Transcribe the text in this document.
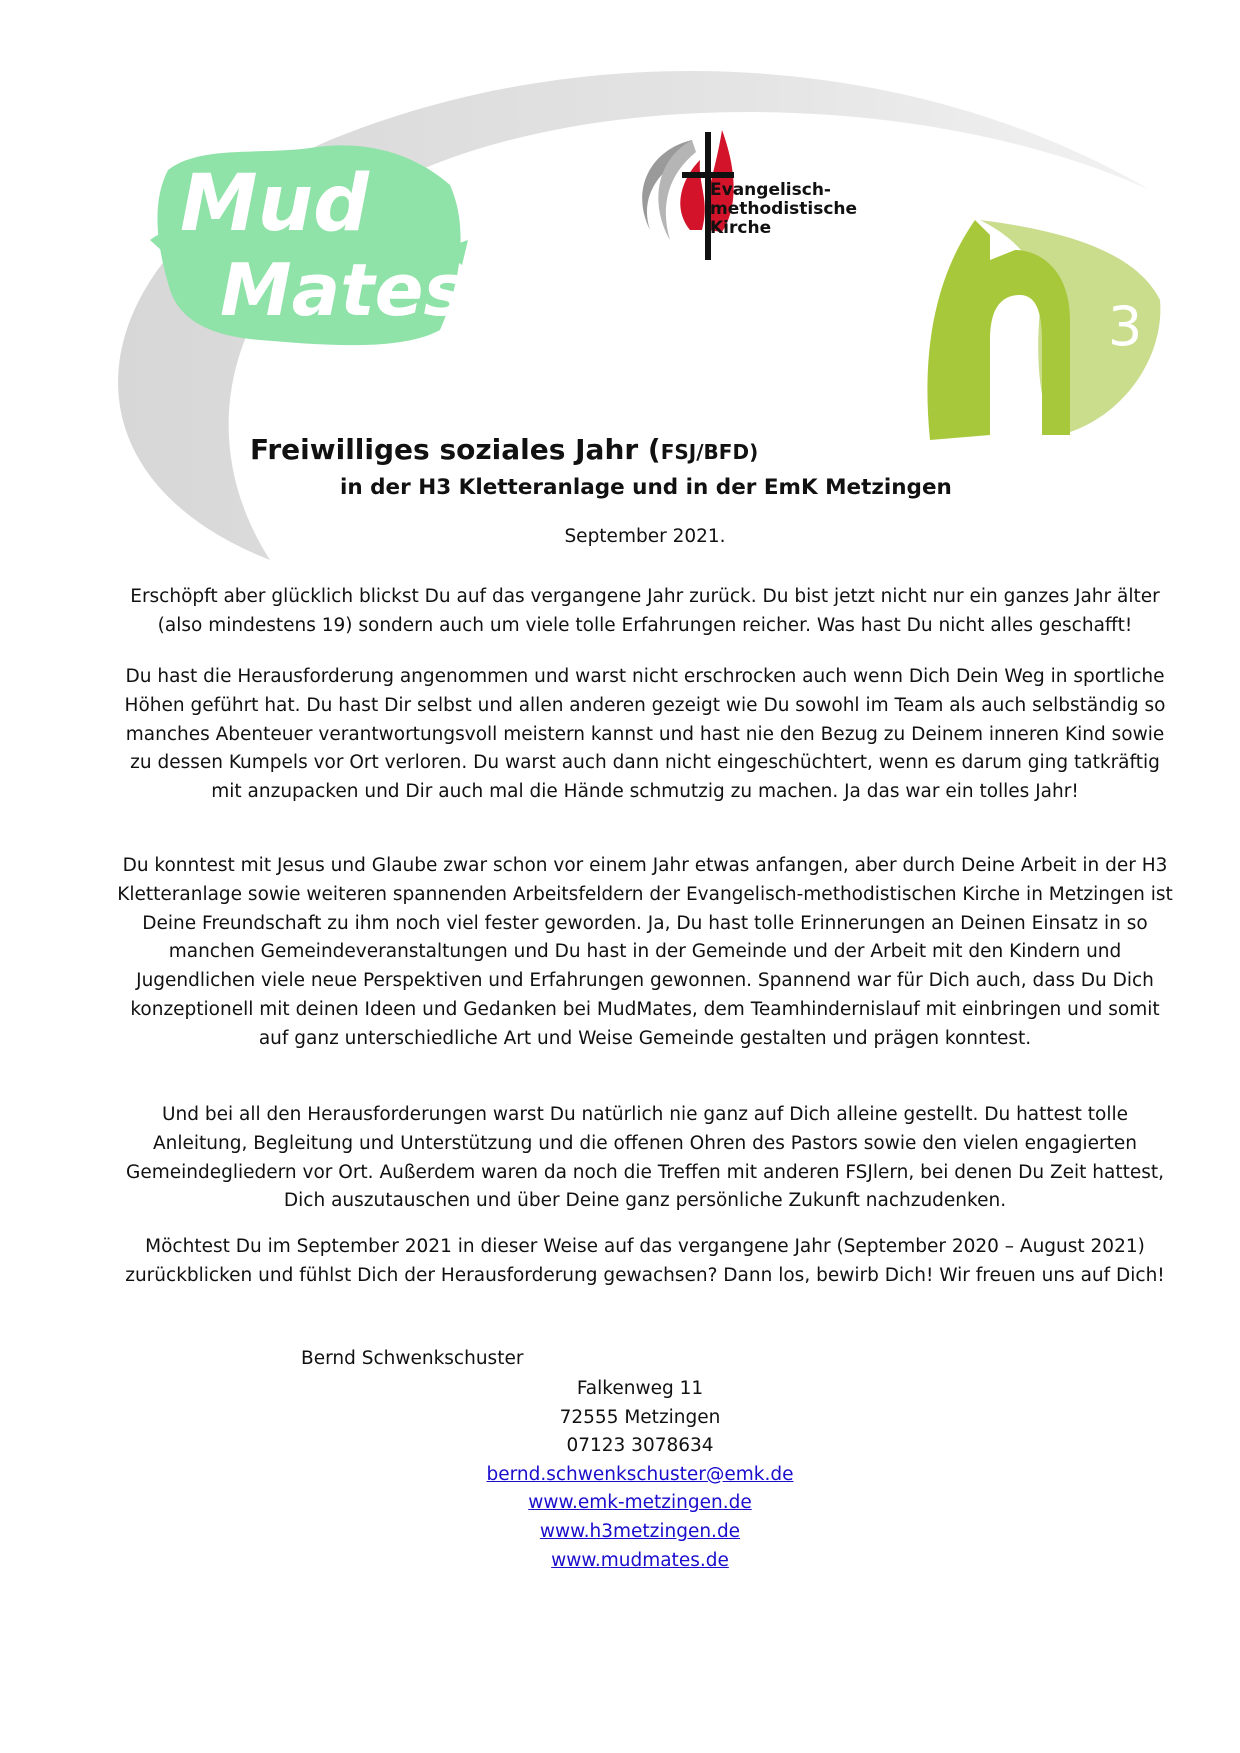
Mud
Mates
Evangelisch-
methodistische
Kirche
3
Freiwilliges soziales Jahr (FSJ/BFD)
in der H3 Kletteranlage und in der EmK Metzingen
September 2021.
Erschöpft aber glücklich blickst Du auf das vergangene Jahr zurück. Du bist jetzt nicht nur ein ganzes Jahr älter (also mindestens 19) sondern auch um viele tolle Erfahrungen reicher. Was hast Du nicht alles geschafft!
Du hast die Herausforderung angenommen und warst nicht erschrocken auch wenn Dich Dein Weg in sportliche Höhen geführt hat. Du hast Dir selbst und allen anderen gezeigt wie Du sowohl im Team als auch selbständig so manches Abenteuer verantwortungsvoll meistern kannst und hast nie den Bezug zu Deinem inneren Kind sowie zu dessen Kumpels vor Ort verloren. Du warst auch dann nicht eingeschüchtert, wenn es darum ging tatkräftig mit anzupacken und Dir auch mal die Hände schmutzig zu machen. Ja das war ein tolles Jahr!
Du konntest mit Jesus und Glaube zwar schon vor einem Jahr etwas anfangen, aber durch Deine Arbeit in der H3 Kletteranlage sowie weiteren spannenden Arbeitsfeldern der Evangelisch-methodistischen Kirche in Metzingen ist Deine Freundschaft zu ihm noch viel fester geworden. Ja, Du hast tolle Erinnerungen an Deinen Einsatz in so manchen Gemeindeveranstaltungen und Du hast in der Gemeinde und der Arbeit mit den Kindern und Jugendlichen viele neue Perspektiven und Erfahrungen gewonnen. Spannend war für Dich auch, dass Du Dich konzeptionell mit deinen Ideen und Gedanken bei MudMates, dem Teamhindernislauf mit einbringen und somit auf ganz unterschiedliche Art und Weise Gemeinde gestalten und prägen konntest.
Und bei all den Herausforderungen warst Du natürlich nie ganz auf Dich alleine gestellt. Du hattest tolle Anleitung, Begleitung und Unterstützung und die offenen Ohren des Pastors sowie den vielen engagierten Gemeindegliedern vor Ort. Außerdem waren da noch die Treffen mit anderen FSJlern, bei denen Du Zeit hattest, Dich auszutauschen und über Deine ganz persönliche Zukunft nachzudenken.
Möchtest Du im September 2021 in dieser Weise auf das vergangene Jahr (September 2020 – August 2021) zurückblicken und fühlst Dich der Herausforderung gewachsen? Dann los, bewirb Dich! Wir freuen uns auf Dich!
Bernd Schwenkschuster
Falkenweg 11
72555 Metzingen
07123 3078634
bernd.schwenkschuster@emk.de
www.emk-metzingen.de
www.h3metzingen.de
www.mudmates.de
